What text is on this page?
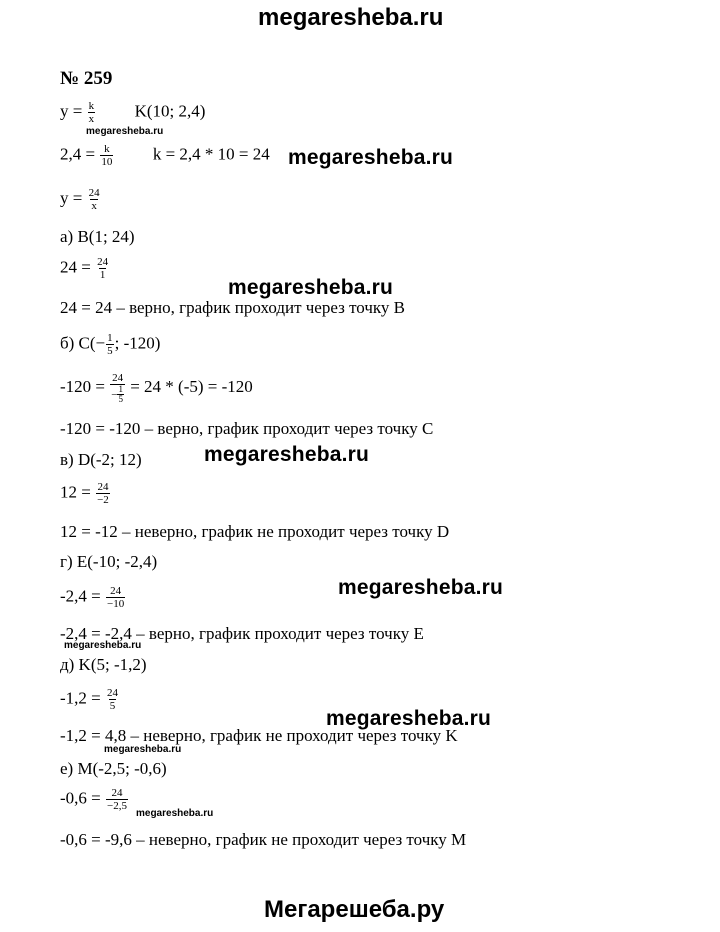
megaresheba.ru
№ 259
$y = \frac{k}{x} K(10$; 2,4)
megaresheba.ru
$2,4 = \frac{k}{10}$ k = 2,4 * 10 = 24 megaresheba.ru
$y = \frac{24}{x}$
а) B(1; 24)
$24 = \frac{24}{1}$
megaresheba.ru
24 = 24 – верно, график проходит через точку B
б) $C(- \frac{1}{5}$ ; -120)
$-120 = \frac{24}{- \frac{1}{5}} = 24 * (-5) = -120$
-120 = -120 – верно, график проходит через точку C
в) D(-2; 12)	megaresheba.ru
$12 = \frac{24}{-2}$
12 = -12 – неверно, график не проходит через точку D
г) E(-10; -2,4)
megaresheba.ru
$-2,4 = \frac{24}{-10}$
-2,4 = -2,4 – верно, график проходит через точку E
megaresheba.ru
д) K(5; -1,2)
$-1,2 = \frac{24}{5}$
megaresheba.ru
-1,2 = 4,8 – неверно, график не проходит через точку K
megaresheba.ru
е) M(-2,5; -0,6)
$-0,6 = \frac{24}{-2,5}$
megaresheba.ru
-0,6 = -9,6 – неверно, график не проходит через точку M
Мегарешеба.ру
